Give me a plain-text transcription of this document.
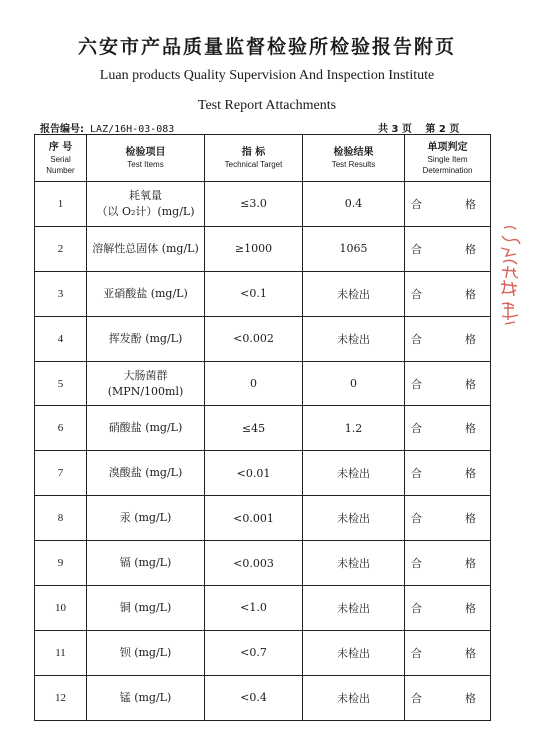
六安市产品质量监督检验所检验报告附页
Luan products Quality Supervision And Inspection Institute
Test Report Attachments
报告编号: LAZ/16H-03-083	共 3 页 第 2 页
序 号
Serial
Number	检验项目
Test Items	指 标
Technical Target	检验结果
Test Results	单项判定
Single Item
Determination

1	耗氧量
（以 O₂计）(mg/L)	≤3.0	0.4	合 格

2	溶解性总固体 (mg/L)	≥1000	1065	合 格

3	亚硝酸盐 (mg/L)	<0.1	未检出	合 格

4	挥发酚 (mg/L)	<0.002	未检出	合 格

5	大肠菌群 (MPN/100ml)	0	0	合 格

6	硝酸盐 (mg/L)	≤45	1.2	合 格

7	溴酸盐 (mg/L)	<0.01	未检出	合 格

8	汞 (mg/L)	<0.001	未检出	合 格

9	镉 (mg/L)	<0.003	未检出	合 格

10	铜 (mg/L)	<1.0	未检出	合 格

11	钡 (mg/L)	<0.7	未检出	合 格

12	锰 (mg/L)	<0.4	未检出	合 格
